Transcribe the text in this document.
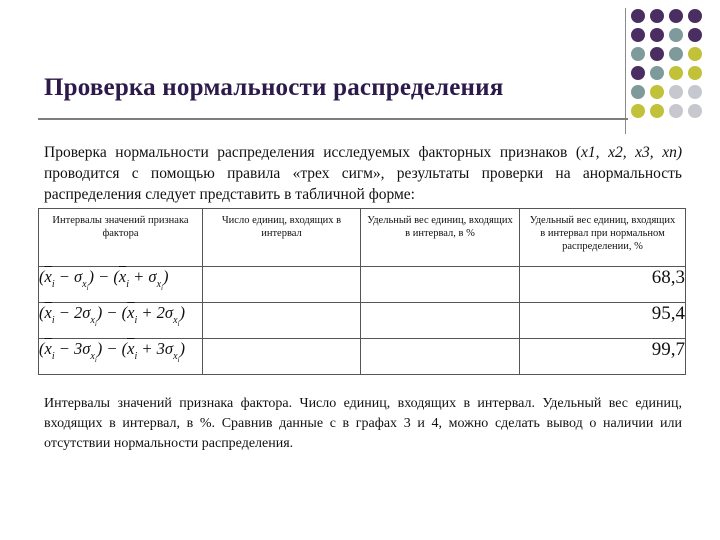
Проверка нормальности распределения
Проверка нормальности распределения исследуемых факторных признаков (x1, x2, x3, xn) проводится с помощью правила «трех сигм», результаты проверки на анормальность распределения следует представить в табличной форме:
Интервалы значений признака фактора	Число единиц, входящих в интервал	Удельный вес единиц, входящих в интервал, в %	Удельный вес единиц, входящих в интервал при нормальном распределении, %
$(\overline{x}_i - \sigma_{x_i}) - (\overline{x}_i + \sigma_{x_i})$			68,3
$(\overline{x}_i - 2\sigma_{x_i}) - (\overline{x}_i + 2\sigma_{x_i})$			95,4
$(\overline{x}_i - 3\sigma_{x_i}) - (\overline{x}_i + 3\sigma_{x_i})$			99,7
Интервалы значений признака фактора. Число единиц, входящих в интервал. Удельный вес единиц, входящих в интервал, в %. Сравнив данные с в графах 3 и 4, можно сделать вывод о наличии или отсутствии нормальности распределения.
